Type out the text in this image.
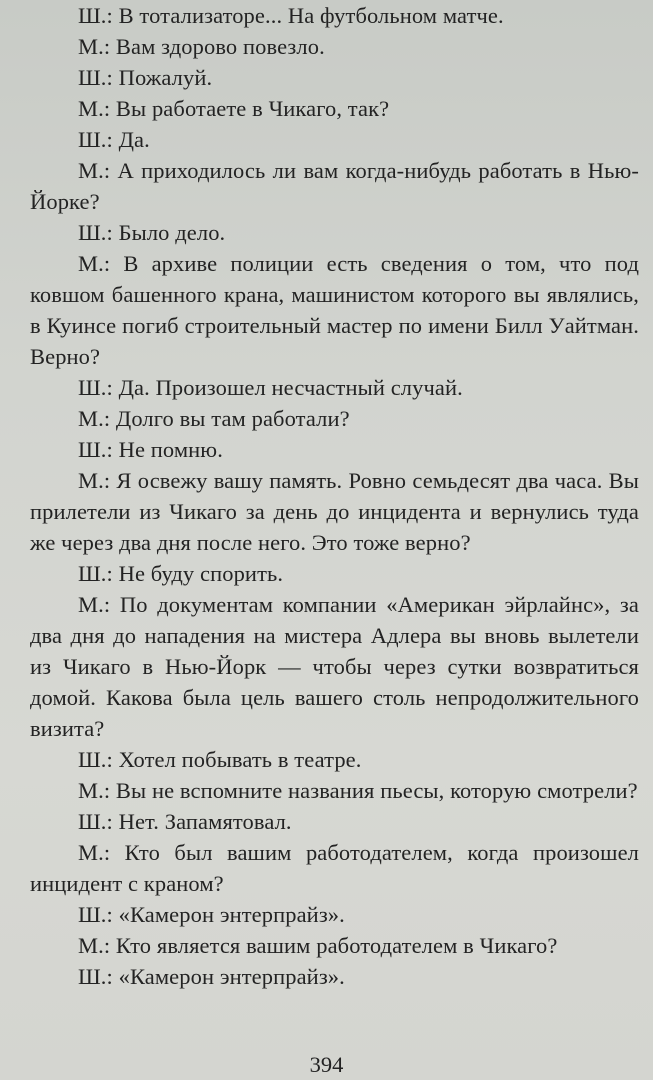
Ш.: В тотализаторе... На футбольном матче.

М.: Вам здорово повезло.

Ш.: Пожалуй.

М.: Вы работаете в Чикаго, так?

Ш.: Да.

М.: А приходилось ли вам когда-нибудь работать в Нью-Йорке?

Ш.: Было дело.

М.: В архиве полиции есть сведения о том, что под ковшом башенного крана, машинистом которого вы являлись, в Куинсе погиб строительный мастер по имени Билл Уайтман. Верно?

Ш.: Да. Произошел несчастный случай.

М.: Долго вы там работали?

Ш.: Не помню.

М.: Я освежу вашу память. Ровно семьдесят два часа. Вы прилетели из Чикаго за день до инцидента и вернулись туда же через два дня после него. Это тоже верно?

Ш.: Не буду спорить.

М.: По документам компании «Американ эйрлайнс», за два дня до нападения на мистера Адлера вы вновь вылетели из Чикаго в Нью-Йорк — чтобы через сутки возвратиться домой. Какова была цель вашего столь непродолжительного визита?

Ш.: Хотел побывать в театре.

М.: Вы не вспомните названия пьесы, которую смотрели?

Ш.: Нет. Запамятовал.

М.: Кто был вашим работодателем, когда произошел инцидент с краном?

Ш.: «Камерон энтерпрайз».

М.: Кто является вашим работодателем в Чикаго?

Ш.: «Камерон энтерпрайз».

394
